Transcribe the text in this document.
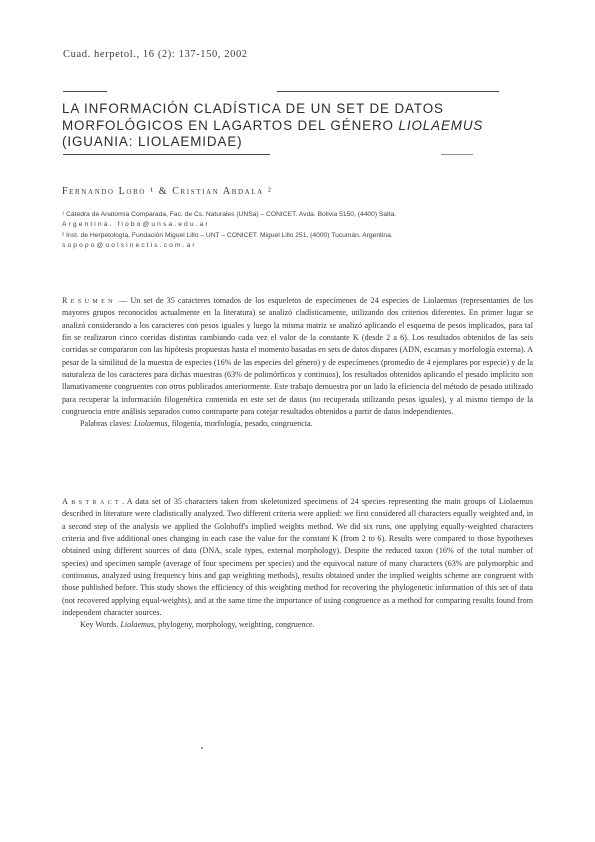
Cuad. herpetol., 16 (2): 137-150, 2002
LA INFORMACIÓN CLADÍSTICA DE UN SET DE DATOS
MORFOLÓGICOS EN LAGARTOS DEL GÉNERO LIOLAEMUS
(IGUANIA: LIOLAEMIDAE)
Fernando Lobo ¹ & Cristian Abdala ²

¹ Cátedra de Anatomía Comparada, Fac. de Cs. Naturales (UNSa) – CONICET. Avda. Bolivia 5150, (4400) Salta.

Argentina. flobo@unsa.edu.ar

² Inst. de Herpetología, Fundación Miguel Lillo – UNT – CONICET. Miguel Lillo 251, (4000) Tucumán, Argentina.

sopopo@uolsinectis.com.ar

Resumen — Un set de 35 caracteres tomados de los esqueletos de especímenes de 24 especies de Liolaemus (representantes de los mayores grupos reconocidos actualmente en la literatura) se analizó cladísticamente, utilizando dos criterios diferentes. En primer lugar se analizó considerando a los caracteres con pesos iguales y luego la misma matriz se analizó aplicando el esquema de pesos implicados, para tal fin se realizaron cinco corridas distintas cambiando cada vez el valor de la constante K (desde 2 a 6). Los resultados obtenidos de las seis corridas se compararon con las hipótesis propuestas hasta el momento basadas en sets de datos dispares (ADN, escamas y morfología externa). A pesar de la similitud de la muestra de especies (16% de las especies del género) y de especímenes (promedio de 4 ejemplares por especie) y de la naturaleza de los caracteres para dichas muestras (63% de polimórficos y continuos), los resultados obtenidos aplicando el pesado implícito son llamativamente congruentes con otros publicados anteriormente. Este trabajo demuestra por un lado la eficiencia del método de pesado utilizado para recuperar la información filogenética contenida en este set de datos (no recuperada utilizando pesos iguales), y al mismo tiempo de la congruencia entre análisis separados como contraparte para cotejar resultados obtenidos a partir de datos independientes.

Palabras claves: Liolaemus, filogenia, morfología, pesado, congruencia.

Abstract. A data set of 35 characters taken from skeletonized specimens of 24 species representing the main groups of Liolaemus described in literature were cladistically analyzed. Two different criteria were applied: we first considered all characters equally weighted and, in a second step of the analysis we applied the Goloboff's implied weights method. We did six runs, one applying equally-weighted characters criteria and five additional ones changing in each case the value for the constant K (from 2 to 6). Results were compared to those hypotheses obtained using different sources of data (DNA, scale types, external morphology). Despite the reduced taxon (16% of the total number of species) and specimen sample (average of four specimens per species) and the equivocal nature of many characters (63% are polymorphic and continuous, analyzed using frequency bins and gap weighting methods), results obtained under the implied weights scheme are congruent with those published before. This study shows the efficiency of this weighting method for recovering the phylogenetic information of this set of data (not recovered applying equal-weights), and at the same time the importance of using congruence as a method for comparing results found from independent character sources.

Key Words. Liolaemus, phylogeny, morphology, weighting, congruence.
